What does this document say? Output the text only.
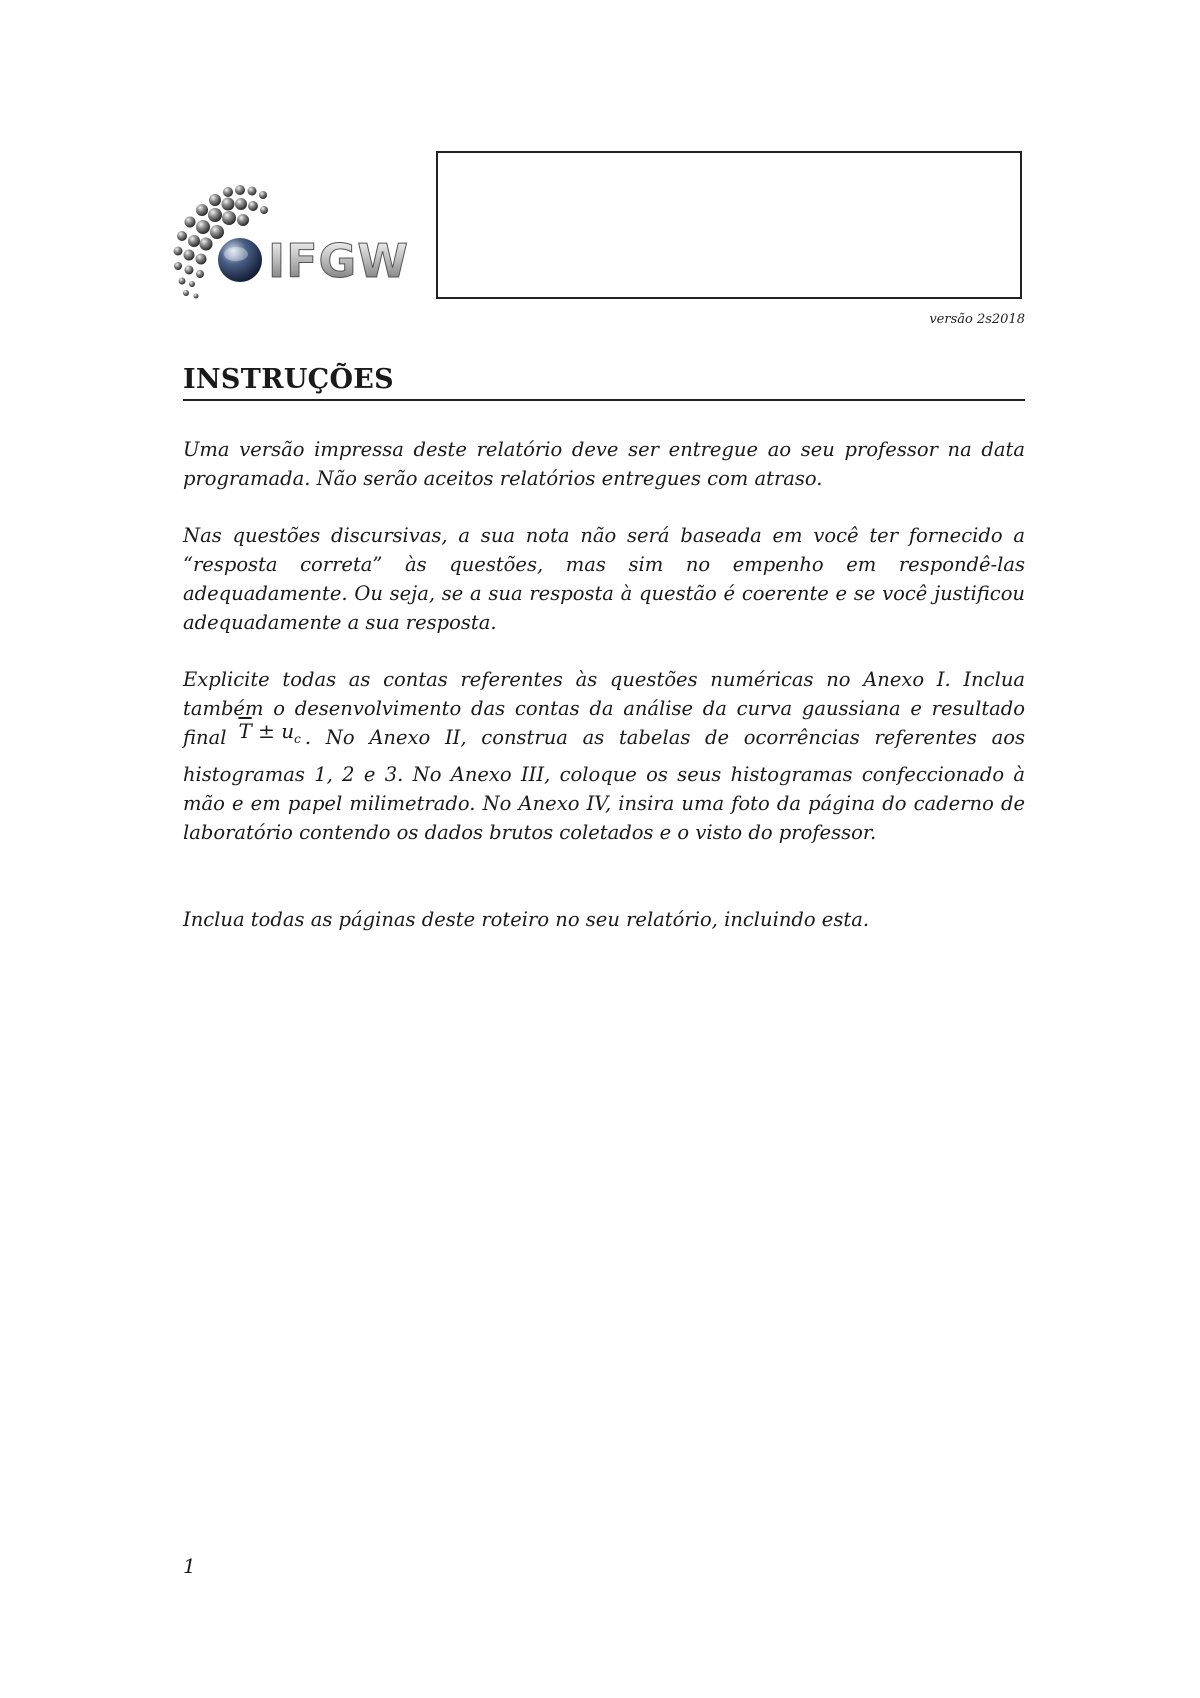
IFGW
versão 2s2018
INSTRUÇÕES

Uma versão impressa deste relatório deve ser entregue ao seu professor na data programada. Não serão aceitos relatórios entregues com atraso.

Nas questões discursivas, a sua nota não será baseada em você ter fornecido a “resposta correta” às questões, mas sim no empenho em respondê-las adequadamente. Ou seja, se a sua resposta à questão é coerente e se você justificou adequadamente a sua resposta.

Explicite todas as contas referentes às questões numéricas no Anexo I. Inclua também o desenvolvimento das contas da análise da curva gaussiana e resultado final $\overline{T} \pm u_c$ . No Anexo II, construa as tabelas de ocorrências referentes aos histogramas 1, 2 e 3. No Anexo III, coloque os seus histogramas confeccionado à mão e em papel milimetrado. No Anexo IV, insira uma foto da página do caderno de laboratório contendo os dados brutos coletados e o visto do professor.

Inclua todas as páginas deste roteiro no seu relatório, incluindo esta.

1
